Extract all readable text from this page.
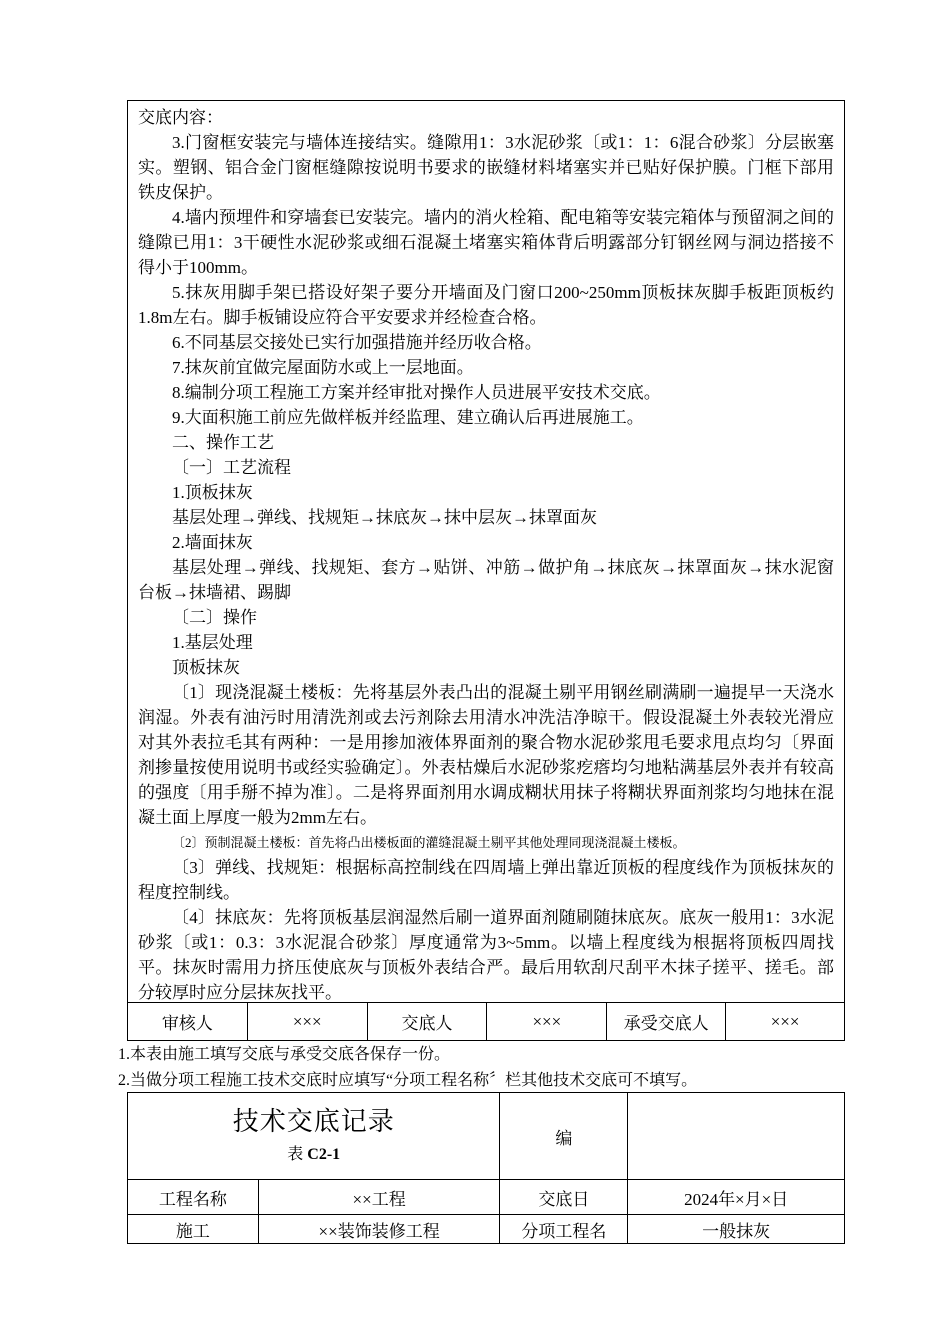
交底内容：

3.门窗框安装完与墙体连接结实。缝隙用1：3水泥砂浆〔或1：1：6混合砂浆〕分层嵌塞实。塑钢、铝合金门窗框缝隙按说明书要求的嵌缝材料堵塞实并已贴好保护膜。门框下部用铁皮保护。

4.墙内预埋件和穿墙套已安装完。墙内的消火栓箱、配电箱等安装完箱体与预留洞之间的缝隙已用1：3干硬性水泥砂浆或细石混凝土堵塞实箱体背后明露部分钉钢丝网与洞边搭接不得小于100mm。

5.抹灰用脚手架已搭设好架子要分开墙面及门窗口200~250mm顶板抹灰脚手板距顶板约1.8m左右。脚手板铺设应符合平安要求并经检查合格。

6.不同基层交接处已实行加强措施并经历收合格。

7.抹灰前宜做完屋面防水或上一层地面。

8.编制分项工程施工方案并经审批对操作人员进展平安技术交底。

9.大面积施工前应先做样板并经监理、建立确认后再进展施工。

二、操作工艺

〔一〕工艺流程

1.顶板抹灰

基层处理→弹线、找规矩→抹底灰→抹中层灰→抹罩面灰

2.墙面抹灰

基层处理→弹线、找规矩、套方→贴饼、冲筋→做护角→抹底灰→抹罩面灰→抹水泥窗台板→抹墙裙、踢脚

〔二〕操作

1.基层处理

顶板抹灰

〔1〕现浇混凝土楼板：先将基层外表凸出的混凝土剔平用钢丝刷满刷一遍提早一天浇水润湿。外表有油污时用清洗剂或去污剂除去用清水冲洗洁净晾干。假设混凝土外表较光滑应对其外表拉毛其有两种：一是用掺加液体界面剂的聚合物水泥砂浆甩毛要求甩点均匀〔界面剂掺量按使用说明书或经实验确定〕。外表枯燥后水泥砂浆疙瘩均匀地粘满基层外表并有较高的强度〔用手掰不掉为准〕。二是将界面剂用水调成糊状用抹子将糊状界面剂浆均匀地抹在混凝土面上厚度一般为2mm左右。

〔2〕预制混凝土楼板：首先将凸出楼板面的灌缝混凝土剔平其他处理同现浇混凝土楼板。

〔3〕弹线、找规矩：根据标高控制线在四周墙上弹出靠近顶板的程度线作为顶板抹灰的程度控制线。

〔4〕抹底灰：先将顶板基层润湿然后刷一道界面剂随刷随抹底灰。底灰一般用1：3水泥砂浆〔或1：0.3：3水泥混合砂浆〕厚度通常为3~5mm。以墙上程度线为根据将顶板四周找平。抹灰时需用力挤压使底灰与顶板外表结合严。最后用软刮尺刮平木抹子搓平、搓毛。部分较厚时应分层抹灰找平。

审核人	×××	交底人	×××	承受交底人	×××

1.本表由施工填写交底与承受交底各保存一份。

2.当做分项工程施工技术交底时应填写“分项工程名称〞栏其他技术交底可不填写。

技术交底记录
表 C2-1		编	
工程名称	××工程	交底日	2024年×月×日
施工	××装饰装修工程	分项工程名	一般抹灰
